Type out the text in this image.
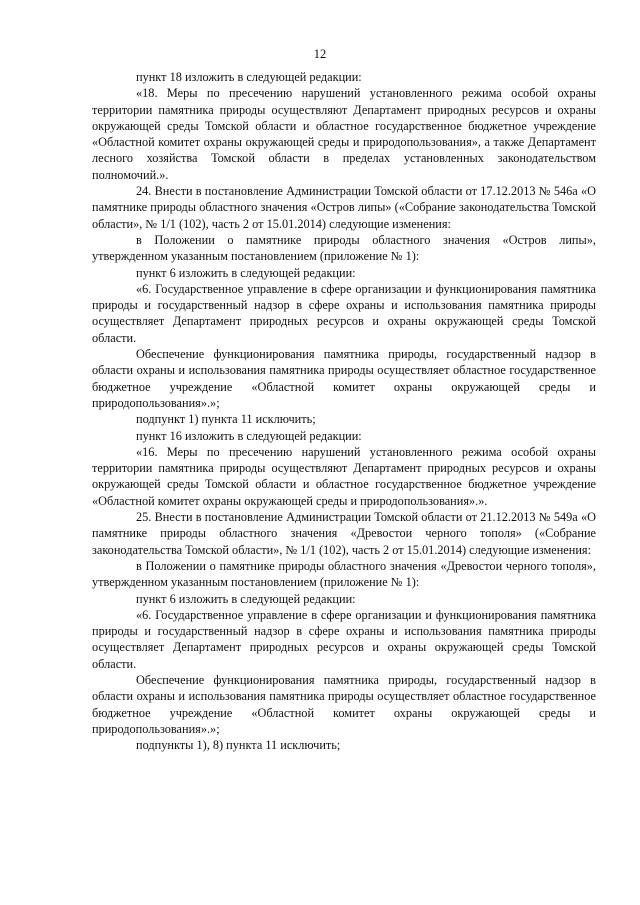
12

пункт 18 изложить в следующей редакции:

«18. Меры по пресечению нарушений установленного режима особой охраны территории памятника природы осуществляют Департамент природных ресурсов и охраны окружающей среды Томской области и областное государственное бюджетное учреждение «Областной комитет охраны окружающей среды и природопользования», а также Департамент лесного хозяйства Томской области в пределах установленных законодательством полномочий.».

24. Внести в постановление Администрации Томской области от 17.12.2013 № 546а «О памятнике природы областного значения «Остров липы» («Собрание законодательства Томской области», № 1/1 (102), часть 2 от 15.01.2014) следующие изменения:

в Положении о памятнике природы областного значения «Остров липы», утвержденном указанным постановлением (приложение № 1):

пункт 6 изложить в следующей редакции:

«6. Государственное управление в сфере организации и функционирования памятника природы и государственный надзор в сфере охраны и использования памятника природы осуществляет Департамент природных ресурсов и охраны окружающей среды Томской области.

Обеспечение функционирования памятника природы, государственный надзор в области охраны и использования памятника природы осуществляет областное государственное бюджетное учреждение «Областной комитет охраны окружающей среды и природопользования».»;

подпункт 1) пункта 11 исключить;

пункт 16 изложить в следующей редакции:

«16. Меры по пресечению нарушений установленного режима особой охраны территории памятника природы осуществляют Департамент природных ресурсов и охраны окружающей среды Томской области и областное государственное бюджетное учреждение «Областной комитет охраны окружающей среды и природопользования».».

25. Внести в постановление Администрации Томской области от 21.12.2013 № 549а «О памятнике природы областного значения «Древостои черного тополя» («Собрание законодательства Томской области», № 1/1 (102), часть 2 от 15.01.2014) следующие изменения:

в Положении о памятнике природы областного значения «Древостои черного тополя», утвержденном указанным постановлением (приложение № 1):

пункт 6 изложить в следующей редакции:

«6. Государственное управление в сфере организации и функционирования памятника природы и государственный надзор в сфере охраны и использования памятника природы осуществляет Департамент природных ресурсов и охраны окружающей среды Томской области.

Обеспечение функционирования памятника природы, государственный надзор в области охраны и использования памятника природы осуществляет областное государственное бюджетное учреждение «Областной комитет охраны окружающей среды и природопользования».»;

подпункты 1), 8) пункта 11 исключить;
